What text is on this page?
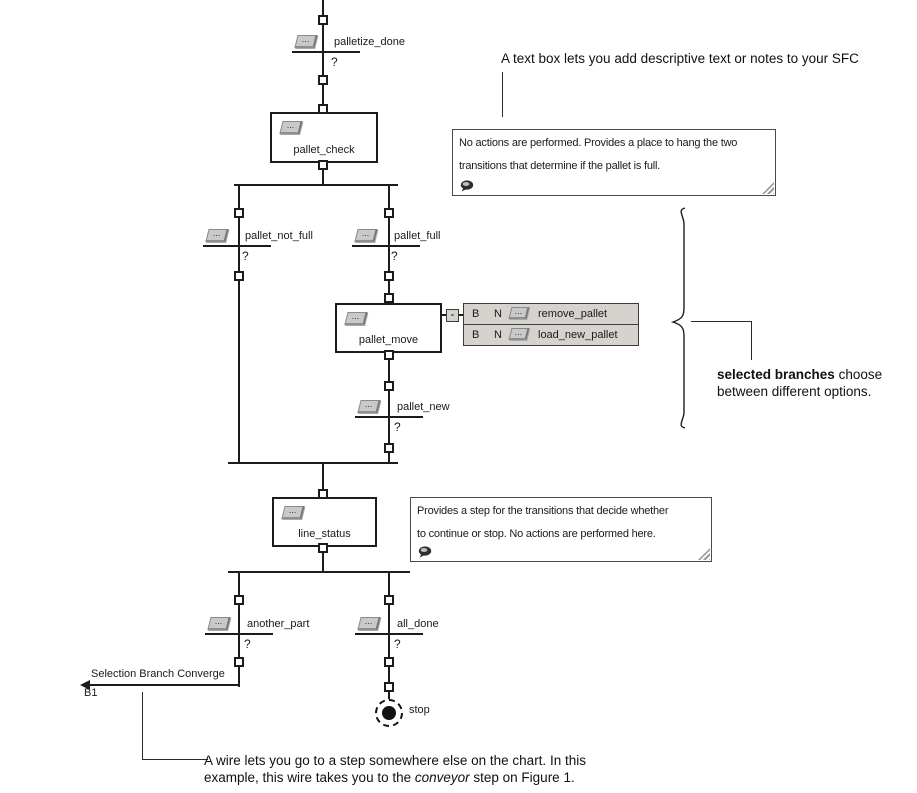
...	palletize_done
?
...	pallet_not_full
?
...	pallet_full
?
...	pallet_new
?
...	another_part
?
...	all_done
?
...
pallet_check
...
pallet_move
...
line_status
-	B N	...	remove_pallet
B N	...	load_new_pallet
stop
Selection Branch Converge
B1
No actions are performed. Provides a place to hang the two
transitions that determine if the pallet is full.
Provides a step for the transitions that decide whether
to continue or stop. No actions are performed here.
A text box lets you add descriptive text or notes to your SFC
selected branches choose
between different options.
A wire lets you go to a step somewhere else on the chart. In this
example, this wire takes you to the conveyor step on Figure 1.
